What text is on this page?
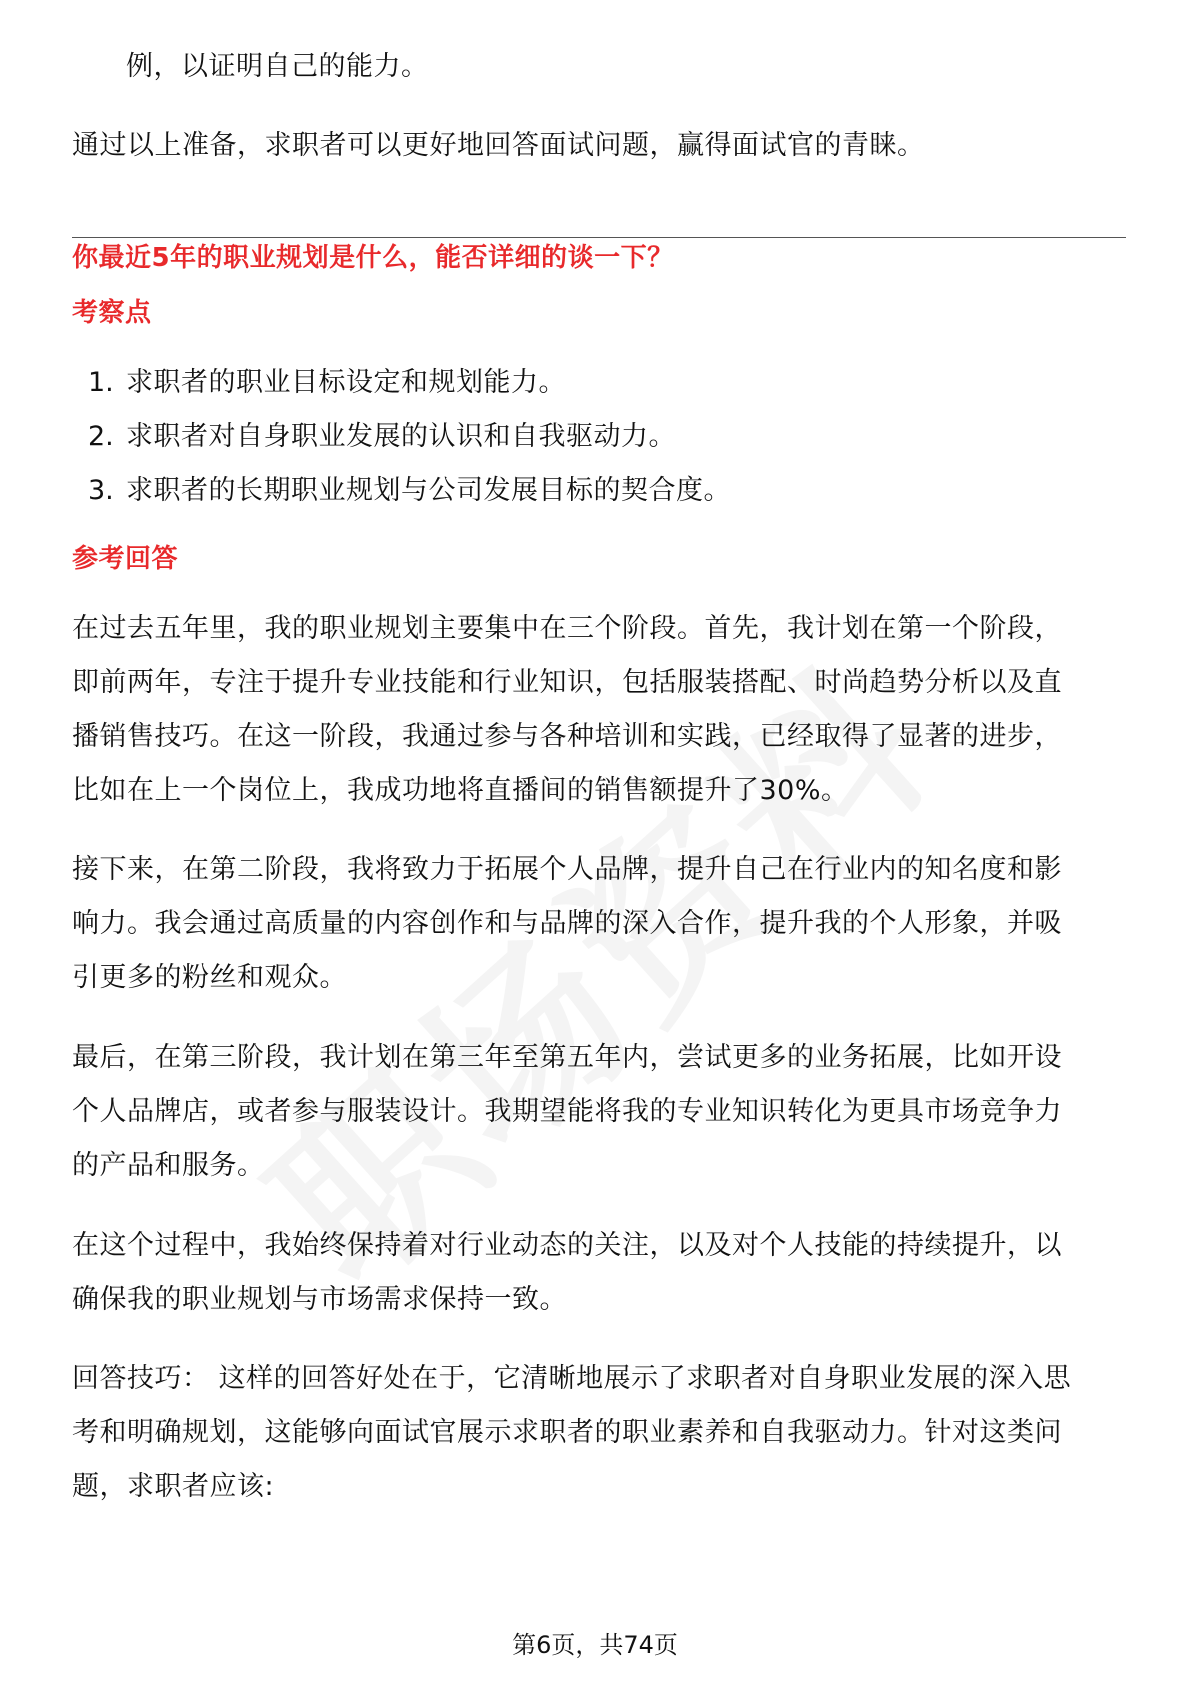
例，以证明自己的能力。
通过以上准备，求职者可以更好地回答面试问题，赢得面试官的青睐。
你最近5年的职业规划是什么，能否详细的谈一下？
考察点
1. 求职者的职业目标设定和规划能力。
2. 求职者对自身职业发展的认识和自我驱动力。
3. 求职者的长期职业规划与公司发展目标的契合度。
参考回答
在过去五年里，我的职业规划主要集中在三个阶段。首先，我计划在第一个阶段，
即前两年，专注于提升专业技能和行业知识，包括服装搭配、时尚趋势分析以及直
播销售技巧。在这一阶段，我通过参与各种培训和实践，已经取得了显著的进步，
比如在上一个岗位上，我成功地将直播间的销售额提升了30%。
接下来，在第二阶段，我将致力于拓展个人品牌，提升自己在行业内的知名度和影
响力。我会通过高质量的内容创作和与品牌的深入合作，提升我的个人形象，并吸
引更多的粉丝和观众。
最后，在第三阶段，我计划在第三年至第五年内，尝试更多的业务拓展，比如开设
个人品牌店，或者参与服装设计。我期望能将我的专业知识转化为更具市场竞争力
的产品和服务。
在这个过程中，我始终保持着对行业动态的关注，以及对个人技能的持续提升，以
确保我的职业规划与市场需求保持一致。
回答技巧： 这样的回答好处在于，它清晰地展示了求职者对自身职业发展的深入思
考和明确规划，这能够向面试官展示求职者的职业素养和自我驱动力。针对这类问
题，求职者应该:
第6页，共74页
